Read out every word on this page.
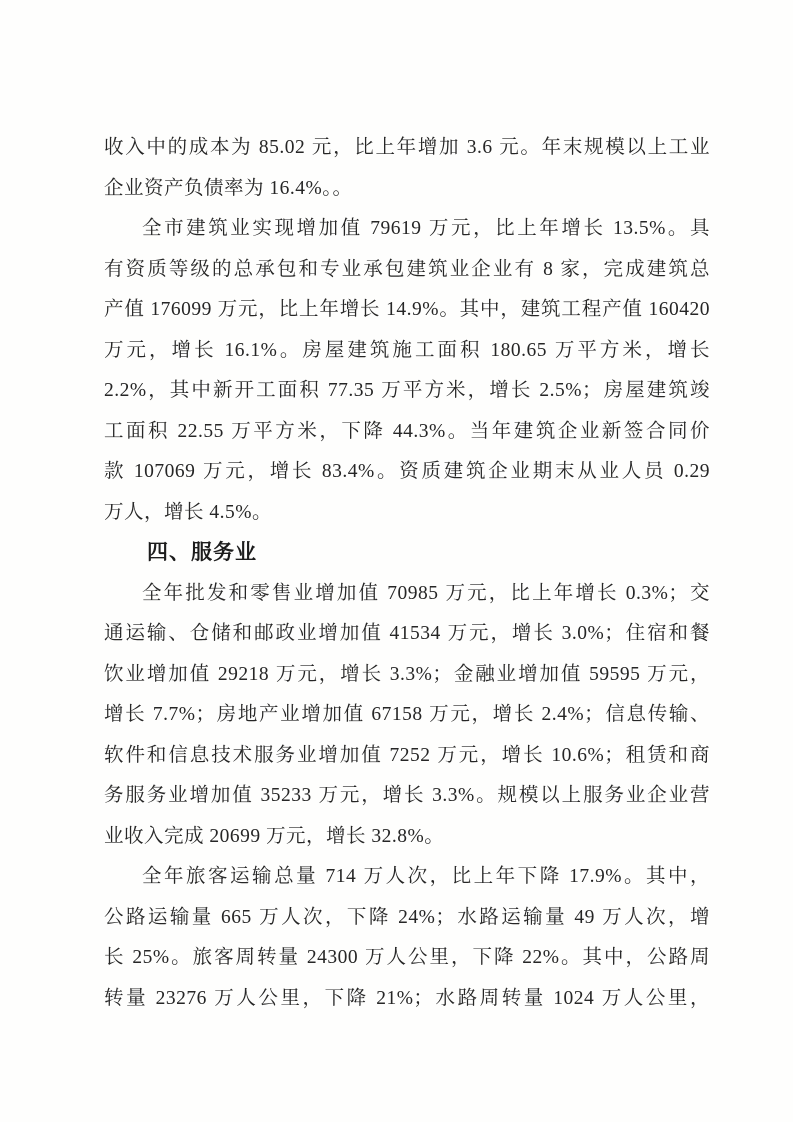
收入中的成本为 85.02 元，比上年增加 3.6 元。年末规模以上工业
企业资产负债率为 16.4%。。
全市建筑业实现增加值 79619 万元，比上年增长 13.5%。具
有资质等级的总承包和专业承包建筑业企业有 8 家，完成建筑总
产值 176099 万元，比上年增长 14.9%。其中，建筑工程产值 160420
万元，增长 16.1%。房屋建筑施工面积 180.65 万平方米，增长
2.2%，其中新开工面积 77.35 万平方米，增长 2.5%；房屋建筑竣
工面积 22.55 万平方米，下降 44.3%。当年建筑企业新签合同价
款 107069 万元，增长 83.4%。资质建筑企业期末从业人员 0.29
万人，增长 4.5%。
四、服务业
全年批发和零售业增加值 70985 万元，比上年增长 0.3%；交
通运输、仓储和邮政业增加值 41534 万元，增长 3.0%；住宿和餐
饮业增加值 29218 万元，增长 3.3%；金融业增加值 59595 万元，
增长 7.7%；房地产业增加值 67158 万元，增长 2.4%；信息传输、
软件和信息技术服务业增加值 7252 万元，增长 10.6%；租赁和商
务服务业增加值 35233 万元，增长 3.3%。规模以上服务业企业营
业收入完成 20699 万元，增长 32.8%。
全年旅客运输总量 714 万人次，比上年下降 17.9%。其中，
公路运输量 665 万人次，下降 24%；水路运输量 49 万人次，增
长 25%。旅客周转量 24300 万人公里，下降 22%。其中，公路周
转量 23276 万人公里，下降 21%；水路周转量 1024 万人公里，
